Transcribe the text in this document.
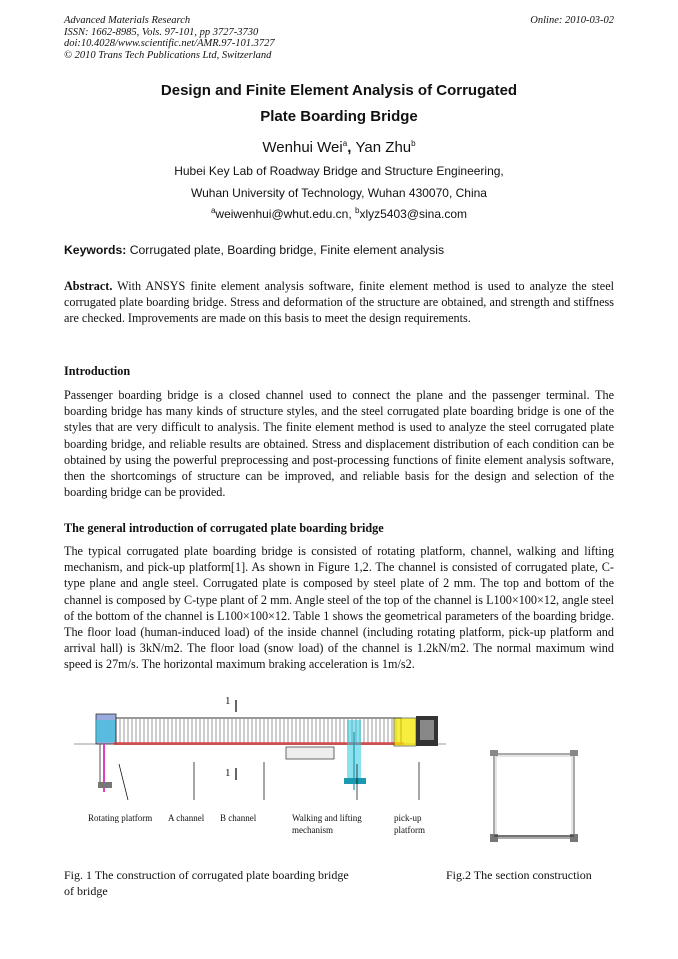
Advanced Materials Research
ISSN: 1662-8985, Vols. 97-101, pp 3727-3730
doi:10.4028/www.scientific.net/AMR.97-101.3727
© 2010 Trans Tech Publications Ltd, Switzerland
Online: 2010-03-02
Design and Finite Element Analysis of Corrugated
Plate Boarding Bridge
Wenhui Wei$^a$, Yan Zhu$^b$
Hubei Key Lab of Roadway Bridge and Structure Engineering,
Wuhan University of Technology, Wuhan 430070, China
$^a$weiwenhui@whut.edu.cn, $^b$xlyz5403@sina.com
Keywords: Corrugated plate, Boarding bridge, Finite element analysis
Abstract. With ANSYS finite element analysis software, finite element method is used to analyze the steel corrugated plate boarding bridge. Stress and deformation of the structure are obtained, and strength and stiffness are checked. Improvements are made on this basis to meet the design requirements.
Introduction
Passenger boarding bridge is a closed channel used to connect the plane and the passenger terminal. The boarding bridge has many kinds of structure styles, and the steel corrugated plate boarding bridge is one of the styles that are very difficult to analysis. The finite element method is used to analyze the steel corrugated plate boarding bridge, and reliable results are obtained. Stress and displacement distribution of each condition can be obtained by using the powerful preprocessing and post-processing functions of finite element analysis software, then the shortcomings of structure can be improved, and reliable basis for the design and selection of the boarding bridge can be provided.
The general introduction of corrugated plate boarding bridge
The typical corrugated plate boarding bridge is consisted of rotating platform, channel, walking and lifting mechanism, and pick-up platform[1]. As shown in Figure 1,2. The channel is consisted of corrugated plate, C-type plane and angle steel. Corrugated plate is composed by steel plate of 2 mm. The top and bottom of the channel is composed by C-type plant of 2 mm. Angle steel of the top of the channel is L100×100×12, angle steel of the bottom of the channel is L100×100×12. Table 1 shows the geometrical parameters of the boarding bridge. The floor load (human-induced load) of the inside channel (including rotating platform, pick-up platform and arrival hall) is 3kN/m2. The floor load (snow load) of the channel is 1.2kN/m2. The normal maximum wind speed is 27m/s. The horizontal maximum braking acceleration is 1m/s2.
1
1
Rotating platform A channel B channel	Walking and lifting
mechanism
pick-up
platform
Fig. 1 The construction of corrugated plate boarding bridge	Fig.2 The section construction
of bridge
